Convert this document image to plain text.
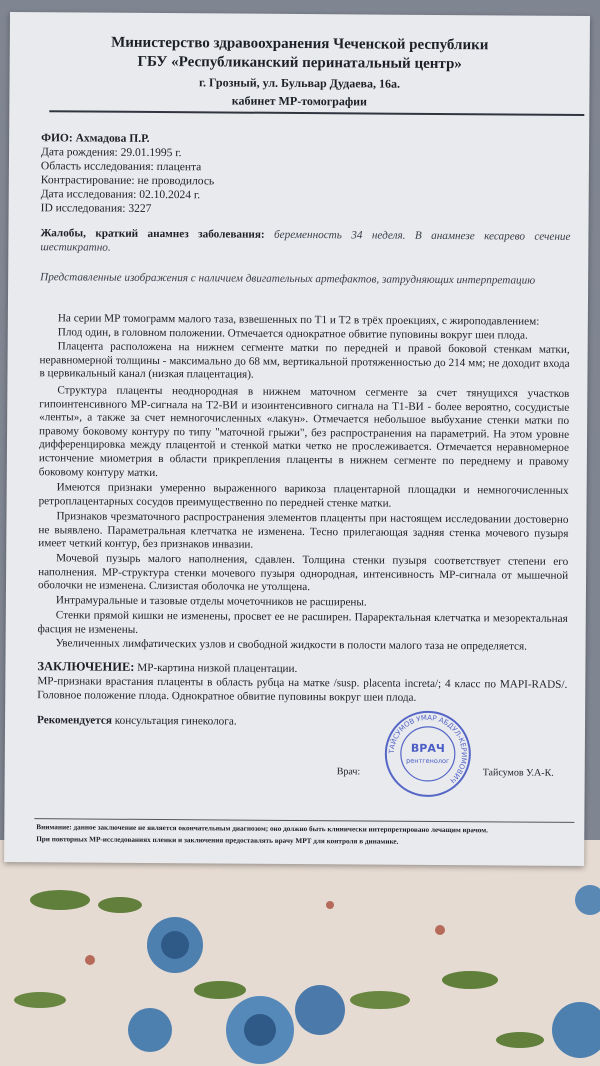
Министерство здравоохранения Чеченской республики
ГБУ «Республиканский перинатальный центр»
г. Грозный, ул. Бульвар Дудаева, 16а.
кабинет МР-томографии
ФИО: Ахмадова П.Р.
Дата рождения: 29.01.1995 г.
Область исследования: плацента
Контрастирование: не проводилось
Дата исследования: 02.10.2024 г.
ID исследования: 3227
Жалобы, краткий анамнез заболевания: беременность 34 неделя. В анамнезе кесарево сечение шестикратно.
Представленные изображения с наличием двигательных артефактов, затрудняющих интерпретацию
На серии МР томограмм малого таза, взвешенных по Т1 и Т2 в трёх проекциях, с жироподавлением:
Плод один, в головном положении. Отмечается однократное обвитие пуповины вокруг шеи плода.
Плацента расположена на нижнем сегменте матки по передней и правой боковой стенкам матки, неравномерной толщины - максимально до 68 мм, вертикальной протяженностью до 214 мм; не доходит входа в цервикальный канал (низкая плацентация).
Структура плаценты неоднородная в нижнем маточном сегменте за счет тянущихся участков гипоинтенсивного МР-сигнала на Т2-ВИ и изоинтенсивного сигнала на Т1-ВИ - более вероятно, сосудистые «ленты», а также за счет немногочисленных «лакун». Отмечается небольшое выбухание стенки матки по правому боковому контуру по типу "маточной грыжи", без распространения на параметрий. На этом уровне дифференцировка между плацентой и стенкой матки четко не прослеживается. Отмечается неравномерное истончение миометрия в области прикрепления плаценты в нижнем сегменте по переднему и правому боковому контуру матки.
Имеются признаки умеренно выраженного варикоза плацентарной площадки и немногочисленных ретроплацентарных сосудов преимущественно по передней стенке матки.
Признаков чрезматочного распространения элементов плаценты при настоящем исследовании достоверно не выявлено. Параметральная клетчатка не изменена. Тесно прилегающая задняя стенка мочевого пузыря имеет четкий контур, без признаков инвазии.
Мочевой пузырь малого наполнения, сдавлен. Толщина стенки пузыря соответствует степени его наполнения. МР-структура стенки мочевого пузыря однородная, интенсивность МР-сигнала от мышечной оболочки не изменена. Слизистая оболочка не утолщена.
Интрамуральные и тазовые отделы мочеточников не расширены.
Стенки прямой кишки не изменены, просвет ее не расширен. Параректальная клетчатка и мезоректальная фасция не изменены.
Увеличенных лимфатических узлов и свободной жидкости в полости малого таза не определяется.
ЗАКЛЮЧЕНИЕ: МР-картина низкой плацентации.
МР-признаки врастания плаценты в область рубца на матке /susp. placenta increta/; 4 класс по MAPI-RADS/. Головное положение плода. Однократное обвитие пуповины вокруг шеи плода.
Рекомендуется консультация гинеколога.
Врач:	Тайсумов У.А-К.
ТАЙСУМОВ УМАР АБДУЛ-КЕРИМОВИЧ
ВРАЧ
рентгенолог
Внимание: данное заключение не является окончательным диагнозом; оно должно быть клинически интерпретировано лечащим врачом.
При повторных МР-исследованиях пленки и заключения предоставлять врачу МРТ для контроля в динамике.
